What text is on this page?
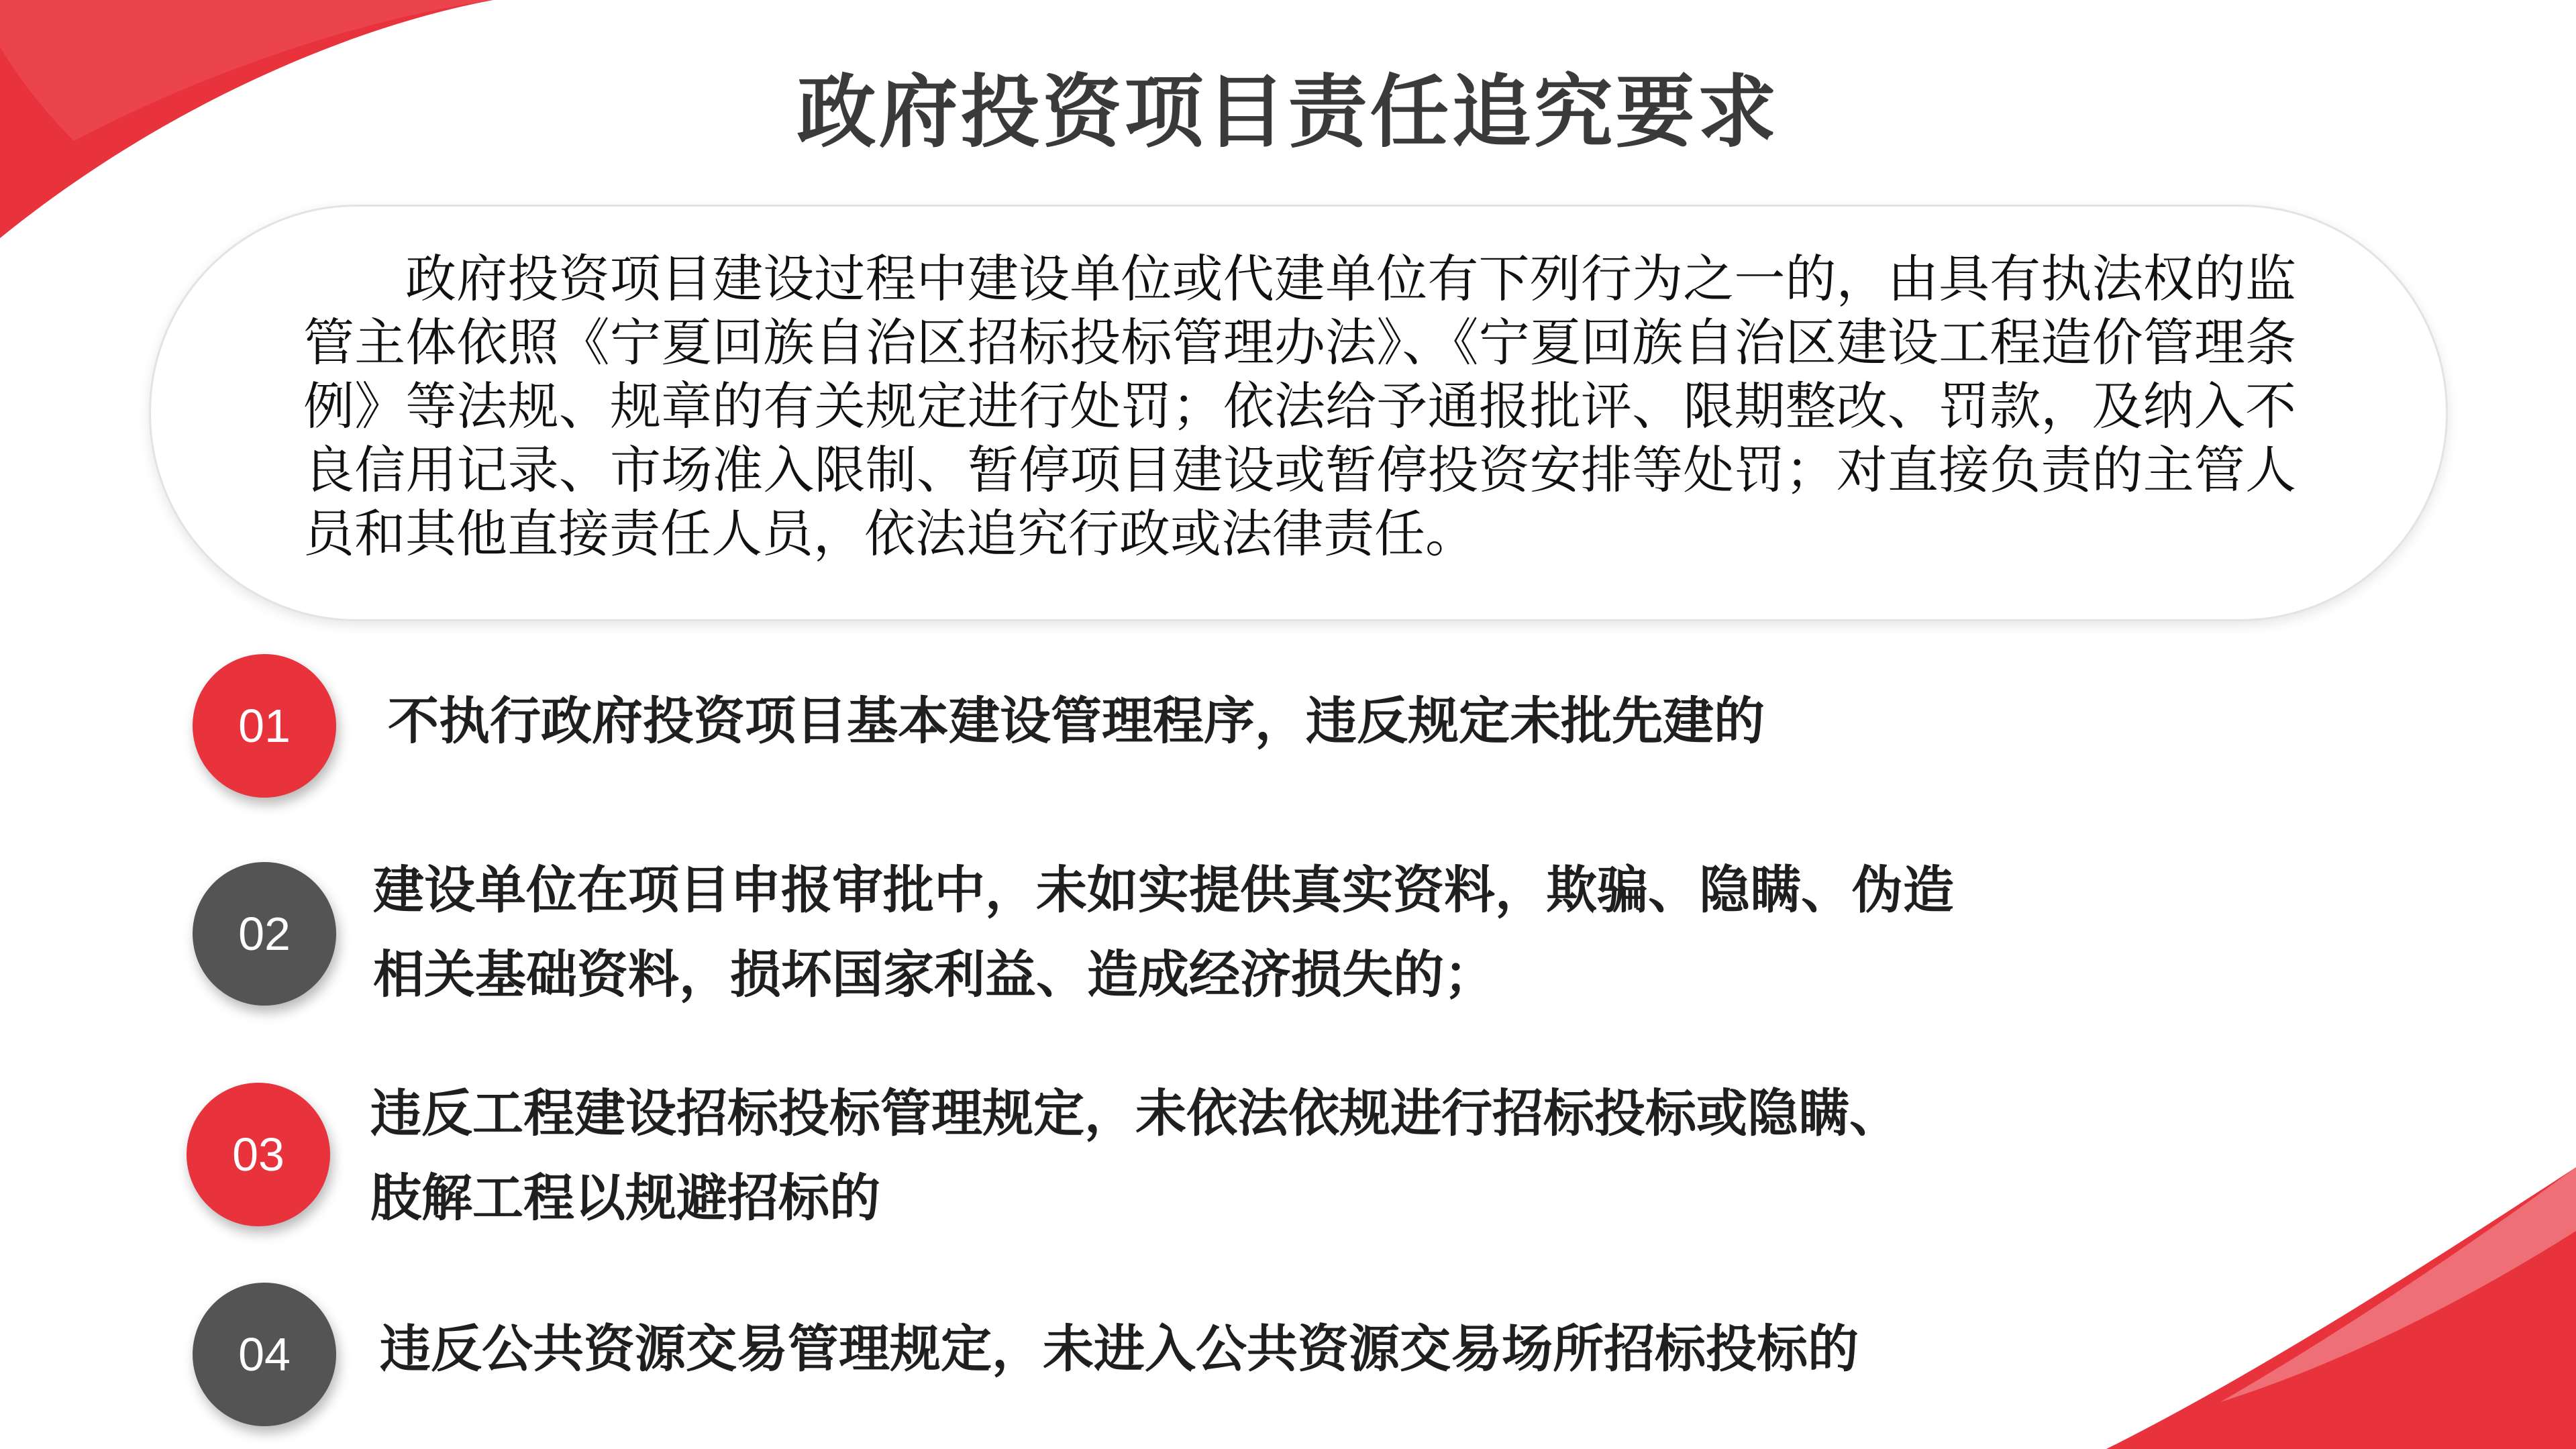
政府投资项目责任追究要求

政府投资项目建设过程中建设单位或代建单位有下列行为之一的，由具有执法权的监管主体依照《宁夏回族自治区招标投标管理办法》、《宁夏回族自治区建设工程造价管理条例》等法规、规章的有关规定进行处罚；依法给予通报批评、限期整改、罚款，及纳入不良信用记录、市场准入限制、暂停项目建设或暂停投资安排等处罚；对直接负责的主管人员和其他直接责任人员，依法追究行政或法律责任。

01	不执行政府投资项目基本建设管理程序，违反规定未批先建的

02

建设单位在项目申报审批中，未如实提供真实资料，欺骗、隐瞒、伪造
相关基础资料，损坏国家利益、造成经济损失的；

03

违反工程建设招标投标管理规定，未依法依规进行招标投标或隐瞒、
肢解工程以规避招标的

04	违反公共资源交易管理规定，未进入公共资源交易场所招标投标的
